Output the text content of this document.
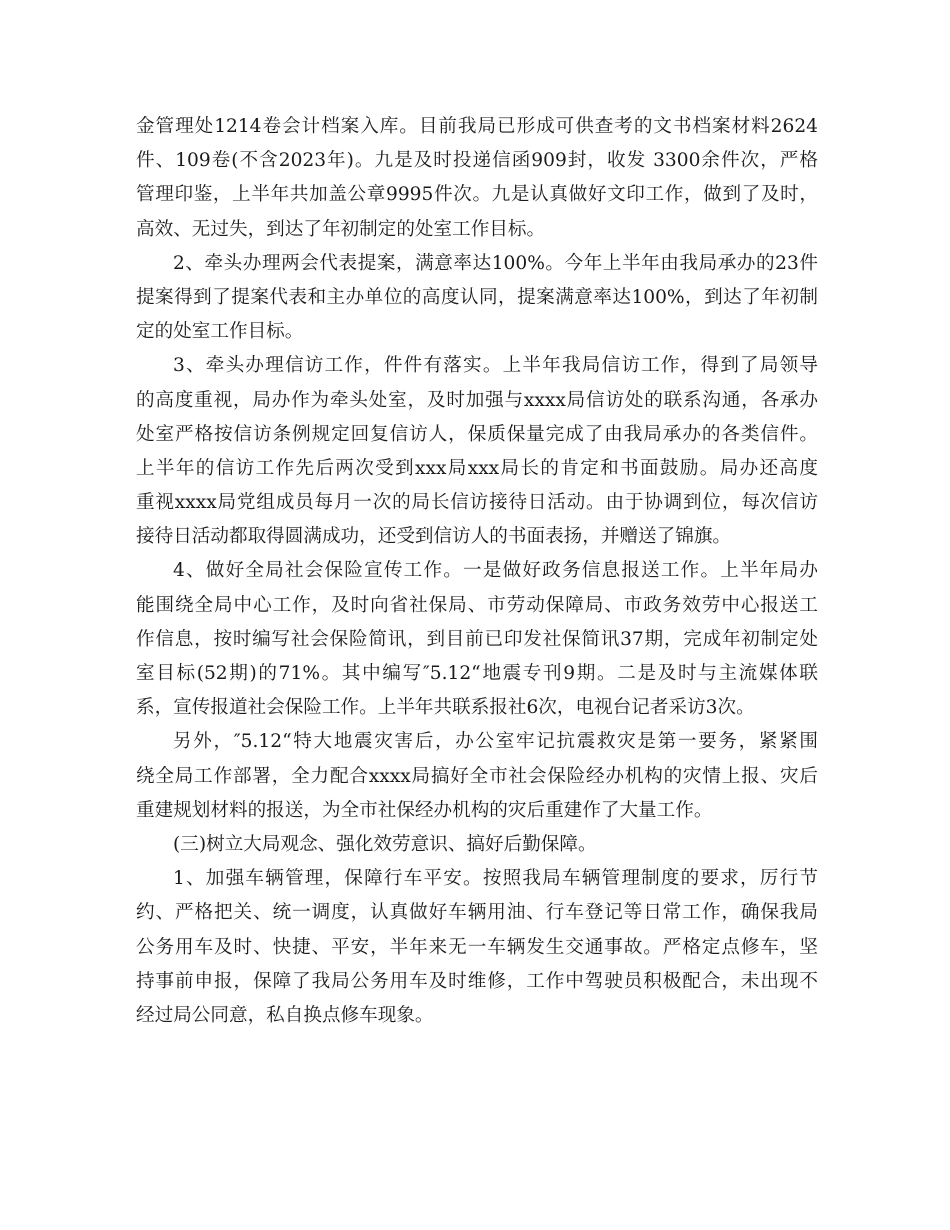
金管理处1214卷会计档案入库。目前我局已形成可供查考的文书档案材料2624
件、109卷(不含2023年)。九是及时投递信函909封，收发 3300余件次，严格
管理印鉴，上半年共加盖公章9995件次。九是认真做好文印工作，做到了及时，
高效、无过失，到达了年初制定的处室工作目标。
2、牵头办理两会代表提案，满意率达100%。今年上半年由我局承办的23件
提案得到了提案代表和主办单位的高度认同，提案满意率达100%，到达了年初制
定的处室工作目标。
3、牵头办理信访工作，件件有落实。上半年我局信访工作，得到了局领导
的高度重视，局办作为牵头处室，及时加强与xxxx局信访处的联系沟通，各承办
处室严格按信访条例规定回复信访人，保质保量完成了由我局承办的各类信件。
上半年的信访工作先后两次受到xxx局xxx局长的肯定和书面鼓励。局办还高度
重视xxxx局党组成员每月一次的局长信访接待日活动。由于协调到位，每次信访
接待日活动都取得圆满成功，还受到信访人的书面表扬，并赠送了锦旗。
4、做好全局社会保险宣传工作。一是做好政务信息报送工作。上半年局办
能围绕全局中心工作，及时向省社保局、市劳动保障局、市政务效劳中心报送工
作信息，按时编写社会保险简讯，到目前已印发社保简讯37期，完成年初制定处
室目标(52期)的71%。其中编写″5.12“地震专刊9期。二是及时与主流媒体联
系，宣传报道社会保险工作。上半年共联系报社6次，电视台记者采访3次。
另外，″5.12“特大地震灾害后，办公室牢记抗震救灾是第一要务，紧紧围
绕全局工作部署，全力配合xxxx局搞好全市社会保险经办机构的灾情上报、灾后
重建规划材料的报送，为全市社保经办机构的灾后重建作了大量工作。
(三)树立大局观念、强化效劳意识、搞好后勤保障。
1、加强车辆管理，保障行车平安。按照我局车辆管理制度的要求，厉行节
约、严格把关、统一调度，认真做好车辆用油、行车登记等日常工作，确保我局
公务用车及时、快捷、平安，半年来无一车辆发生交通事故。严格定点修车，坚
持事前申报，保障了我局公务用车及时维修，工作中驾驶员积极配合，未出现不
经过局公同意，私自换点修车现象。
